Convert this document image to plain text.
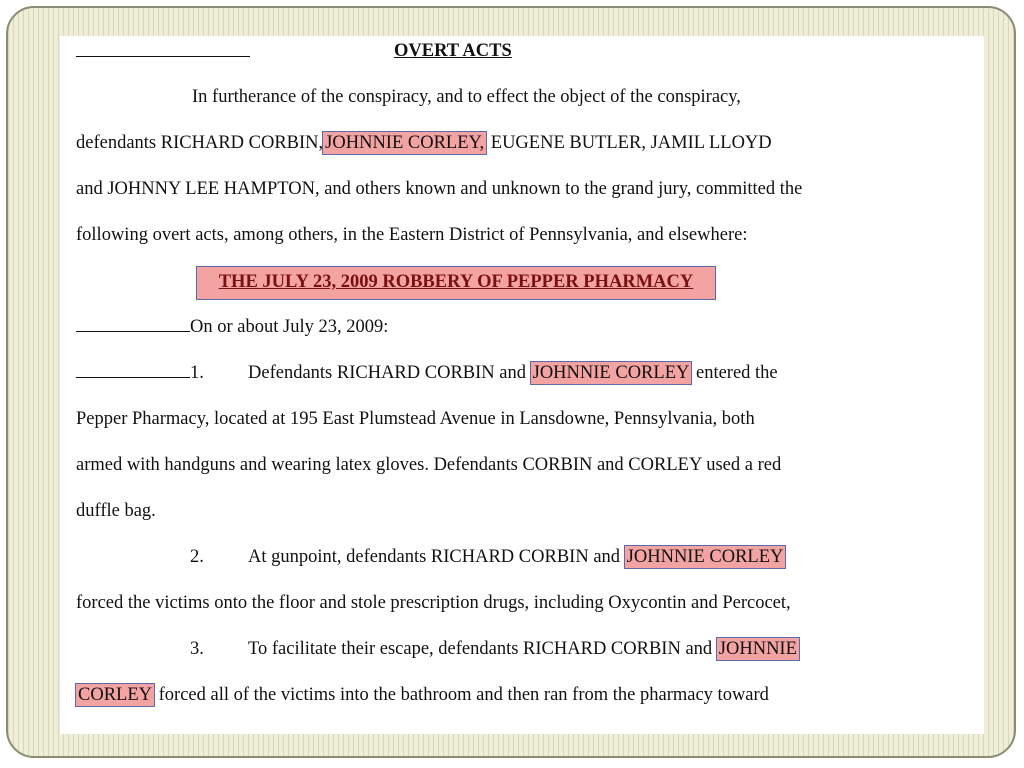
OVERT ACTS
In furtherance of the conspiracy, and to effect the object of the conspiracy,
defendants RICHARD CORBIN, JOHNNIE CORLEY, EUGENE BUTLER, JAMIL LLOYD
and JOHNNY LEE HAMPTON, and others known and unknown to the grand jury, committed the
following overt acts, among others, in the Eastern District of Pennsylvania, and elsewhere:
THE JULY 23, 2009 ROBBERY OF PEPPER PHARMACY
On or about July 23, 2009:
1. Defendants RICHARD CORBIN and JOHNNIE CORLEY entered the
Pepper Pharmacy, located at 195 East Plumstead Avenue in Lansdowne, Pennsylvania, both
armed with handguns and wearing latex gloves. Defendants CORBIN and CORLEY used a red
duffle bag.
2. At gunpoint, defendants RICHARD CORBIN and JOHNNIE CORLEY
forced the victims onto the floor and stole prescription drugs, including Oxycontin and Percocet,
3. To facilitate their escape, defendants RICHARD CORBIN and JOHNNIE
CORLEY forced all of the victims into the bathroom and then ran from the pharmacy toward
